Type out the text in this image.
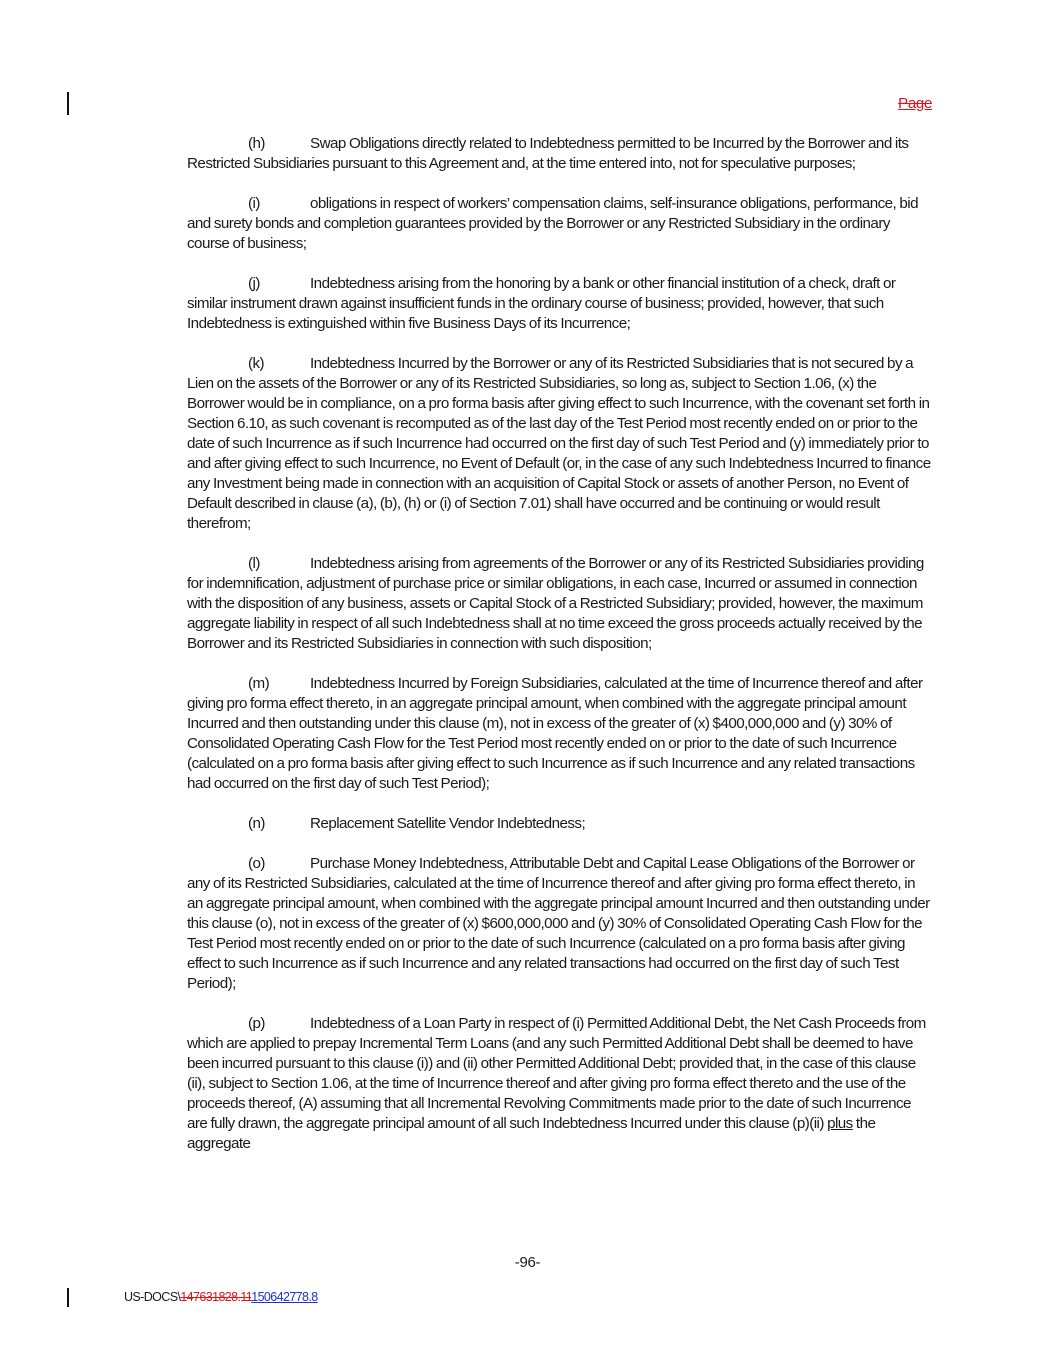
Page

(h)	Swap Obligations directly related to Indebtedness permitted to be Incurred by the Borrower and its Restricted Subsidiaries pursuant to this Agreement and, at the time entered into, not for speculative purposes;

(i)	obligations in respect of workers’ compensation claims, self-insurance obligations, performance, bid and surety bonds and completion guarantees provided by the Borrower or any Restricted Subsidiary in the ordinary course of business;

(j)	Indebtedness arising from the honoring by a bank or other financial institution of a check, draft or similar instrument drawn against insufficient funds in the ordinary course of business; provided, however, that such Indebtedness is extinguished within five Business Days of its Incurrence;

(k)	Indebtedness Incurred by the Borrower or any of its Restricted Subsidiaries that is not secured by a Lien on the assets of the Borrower or any of its Restricted Subsidiaries, so long as, subject to Section 1.06, (x) the Borrower would be in compliance, on a pro forma basis after giving effect to such Incurrence, with the covenant set forth in Section 6.10, as such covenant is recomputed as of the last day of the Test Period most recently ended on or prior to the date of such Incurrence as if such Incurrence had occurred on the first day of such Test Period and (y) immediately prior to and after giving effect to such Incurrence, no Event of Default (or, in the case of any such Indebtedness Incurred to finance any Investment being made in connection with an acquisition of Capital Stock or assets of another Person, no Event of Default described in clause (a), (b), (h) or (i) of Section 7.01) shall have occurred and be continuing or would result therefrom;

(l)	Indebtedness arising from agreements of the Borrower or any of its Restricted Subsidiaries providing for indemnification, adjustment of purchase price or similar obligations, in each case, Incurred or assumed in connection with the disposition of any business, assets or Capital Stock of a Restricted Subsidiary; provided, however, the maximum aggregate liability in respect of all such Indebtedness shall at no time exceed the gross proceeds actually received by the Borrower and its Restricted Subsidiaries in connection with such disposition;

(m)	Indebtedness Incurred by Foreign Subsidiaries, calculated at the time of Incurrence thereof and after giving pro forma effect thereto, in an aggregate principal amount, when combined with the aggregate principal amount Incurred and then outstanding under this clause (m), not in excess of the greater of (x) $400,000,000 and (y) 30% of Consolidated Operating Cash Flow for the Test Period most recently ended on or prior to the date of such Incurrence (calculated on a pro forma basis after giving effect to such Incurrence as if such Incurrence and any related transactions had occurred on the first day of such Test Period);

(n)	Replacement Satellite Vendor Indebtedness;

(o)	Purchase Money Indebtedness, Attributable Debt and Capital Lease Obligations of the Borrower or any of its Restricted Subsidiaries, calculated at the time of Incurrence thereof and after giving pro forma effect thereto, in an aggregate principal amount, when combined with the aggregate principal amount Incurred and then outstanding under this clause (o), not in excess of the greater of (x) $600,000,000 and (y) 30% of Consolidated Operating Cash Flow for the Test Period most recently ended on or prior to the date of such Incurrence (calculated on a pro forma basis after giving effect to such Incurrence as if such Incurrence and any related transactions had occurred on the first day of such Test Period);

(p)	Indebtedness of a Loan Party in respect of (i) Permitted Additional Debt, the Net Cash Proceeds from which are applied to prepay Incremental Term Loans (and any such Permitted Additional Debt shall be deemed to have been incurred pursuant to this clause (i)) and (ii) other Permitted Additional Debt; provided that, in the case of this clause (ii), subject to Section 1.06, at the time of Incurrence thereof and after giving pro forma effect thereto and the use of the proceeds thereof, (A) assuming that all Incremental Revolving Commitments made prior to the date of such Incurrence are fully drawn, the aggregate principal amount of all such Indebtedness Incurred under this clause (p)(ii) plus the aggregate

-96-
US-DOCS\147631828.11150642778.8
